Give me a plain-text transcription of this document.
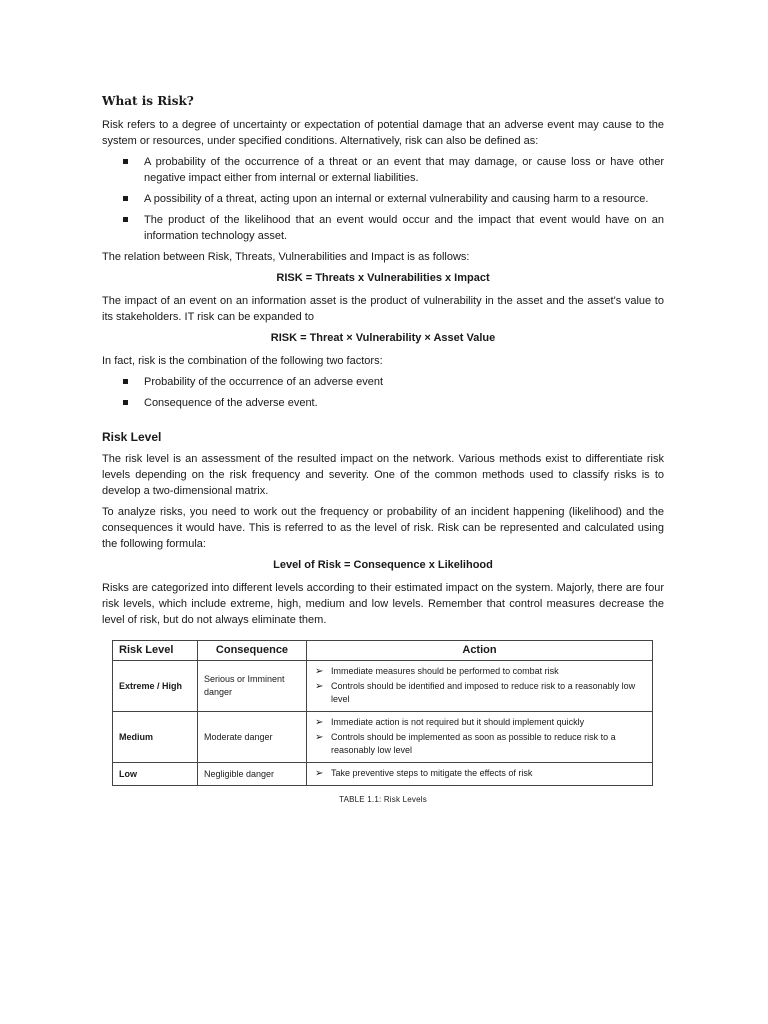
What is Risk?

Risk refers to a degree of uncertainty or expectation of potential damage that an adverse event may cause to the system or resources, under specified conditions. Alternatively, risk can also be defined as:

A probability of the occurrence of a threat or an event that may damage, or cause loss or have other negative impact either from internal or external liabilities.
A possibility of a threat, acting upon an internal or external vulnerability and causing harm to a resource.
The product of the likelihood that an event would occur and the impact that event would have on an information technology asset.

The relation between Risk, Threats, Vulnerabilities and Impact is as follows:

RISK = Threats x Vulnerabilities x Impact

The impact of an event on an information asset is the product of vulnerability in the asset and the asset's value to its stakeholders. IT risk can be expanded to

RISK = Threat × Vulnerability × Asset Value

In fact, risk is the combination of the following two factors:

Probability of the occurrence of an adverse event
Consequence of the adverse event.
Risk Level

The risk level is an assessment of the resulted impact on the network. Various methods exist to differentiate risk levels depending on the risk frequency and severity. One of the common methods used to classify risks is to develop a two-dimensional matrix.

To analyze risks, you need to work out the frequency or probability of an incident happening (likelihood) and the consequences it would have. This is referred to as the level of risk. Risk can be represented and calculated using the following formula:

Level of Risk = Consequence x Likelihood

Risks are categorized into different levels according to their estimated impact on the system. Majorly, there are four risk levels, which include extreme, high, medium and low levels. Remember that control measures decrease the level of risk, but do not always eliminate them.

Risk Level	Consequence	Action
Extreme / High	Serious or Imminent danger	➢ Immediate measures should be performed to combat risk
➢ Controls should be identified and imposed to reduce risk to a reasonably low level

Medium	Moderate danger	➢ Immediate action is not required but it should implement quickly
➢ Controls should be implemented as soon as possible to reduce risk to a reasonably low level

Low	Negligible danger	➢ Take preventive steps to mitigate the effects of risk
TABLE 1.1: Risk Levels
